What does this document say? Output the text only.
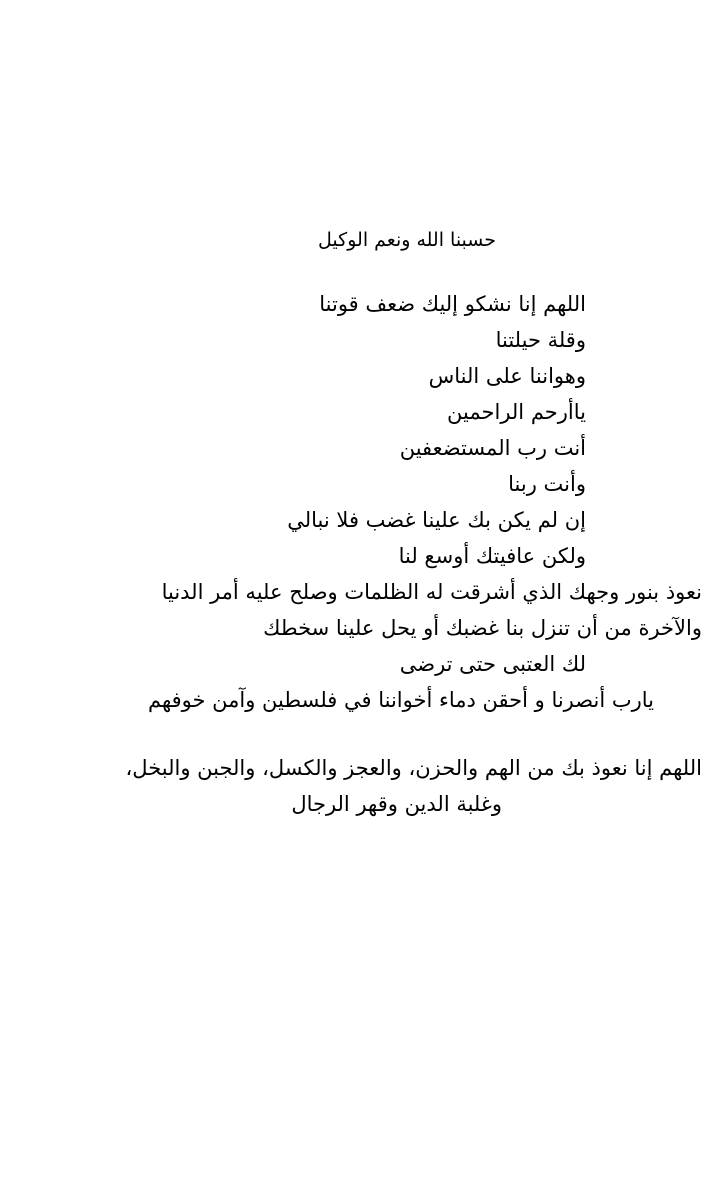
حسبنا الله ونعم الوكيل
اللهم إنا نشكو إليك ضعف قوتنا
وقلة حيلتنا
وهواننا على الناس
ياأرحم الراحمين
أنت رب المستضعفين
وأنت ربنا
إن لم يكن بك علينا غضب فلا نبالي
ولكن عافيتك أوسع لنا
نعوذ بنور وجهك الذي أشرقت له الظلمات وصلح عليه أمر الدنيا
والآخرة من أن تنزل بنا غضبك أو يحل علينا سخطك
لك العتبى حتى ترضى
يارب أنصرنا و أحقن دماء أخواننا في فلسطين وآمن خوفهم
اللهم إنا نعوذ بك من الهم والحزن، والعجز والكسل، والجبن والبخل،
وغلبة الدين وقهر الرجال
